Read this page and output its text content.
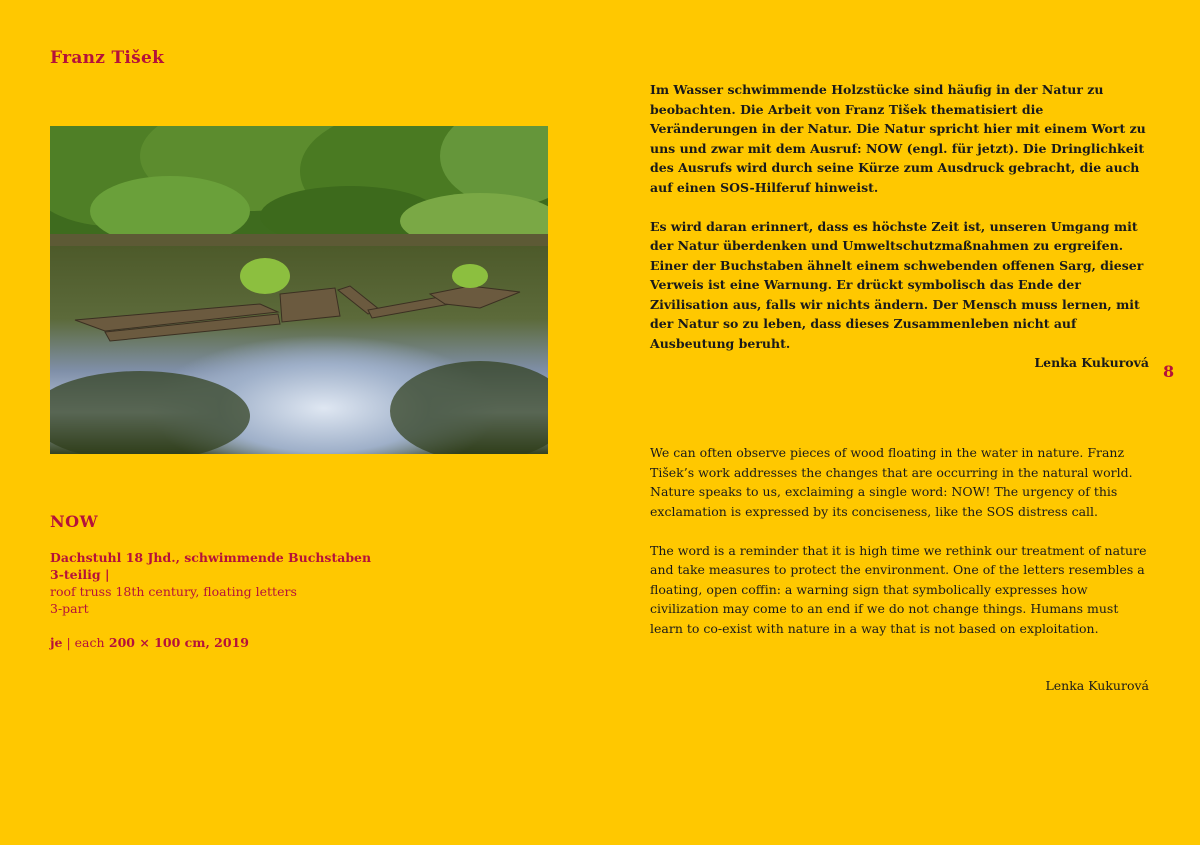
Franz Tišek
NOW
Dachstuhl 18 Jhd., schwimmende Buchstaben
3-teilig |
roof truss 18th century, floating letters
3-part
je | each 200 × 100 cm, 2019

Im Wasser schwimmende Holzstücke sind häufig in der Natur zu beobachten. Die Arbeit von Franz Tišek thematisiert die Veränderungen in der Natur. Die Natur spricht hier mit einem Wort zu uns und zwar mit dem Ausruf: NOW (engl. für jetzt). Die Dringlichkeit des Ausrufs wird durch seine Kürze zum Ausdruck gebracht, die auch auf einen SOS-Hilferuf hinweist.

Es wird daran erinnert, dass es höchste Zeit ist, unseren Umgang mit der Natur überdenken und Umweltschutzmaßnahmen zu ergreifen. Einer der Buchstaben ähnelt einem schwebenden offenen Sarg, dieser Verweis ist eine Warnung. Er drückt symbolisch das Ende der Zivilisation aus, falls wir nichts ändern. Der Mensch muss lernen, mit der Natur so zu leben, dass dieses Zusammenleben nicht auf Ausbeutung beruht.

Lenka Kukurová 8

We can often observe pieces of wood floating in the water in nature. Franz Tišek’s work addresses the changes that are occurring in the natural world. Nature speaks to us, exclaiming a single word: NOW! The urgency of this exclamation is expressed by its conciseness, like the SOS distress call.

The word is a reminder that it is high time we rethink our treatment of nature and take measures to protect the environment. One of the letters resembles a floating, open coffin: a warning sign that symbolically expresses how civilization may come to an end if we do not change things. Humans must learn to co-exist with nature in a way that is not based on exploitation.

Lenka Kukurová
